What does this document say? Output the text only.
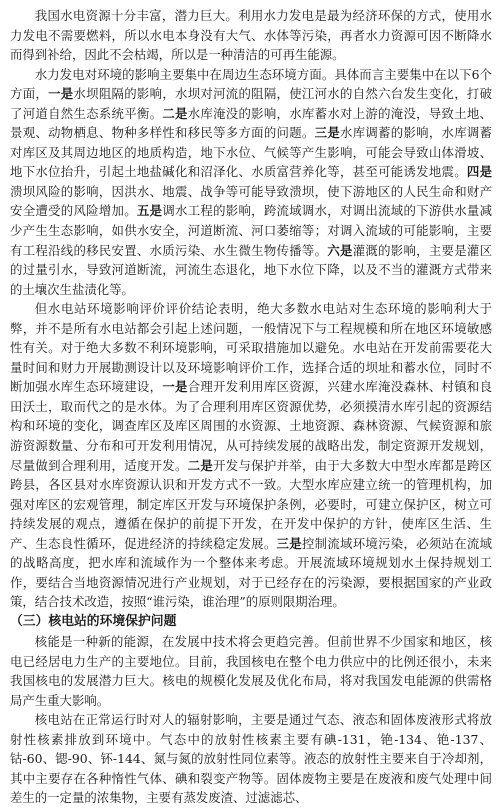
我国水电资源十分丰富，潜力巨大。利用水力发电是最为经济环保的方式，使用水力发电不需要燃料，所以水电本身没有大气、水体等污染，再者水力资源可因不断降水而得到补给，因此不会枯竭，所以是一种清洁的可再生能源。

水力发电对环境的影响主要集中在周边生态环境方面。具体而言主要集中在以下6个方面，一是水坝阻隔的影响，水坝对河流的阻隔，使江河水的自然六台发生变化，打破了河道自然生态系统平衡。二是水库淹没的影响，水库蓄水对上游的淹没，导致土地、景观、动物栖息、物种多样性和移民等多方面的问题。三是水库调蓄的影响，水库调蓄对库区及其周边地区的地质构造，地下水位、气候等产生影响，可能会导致山体滑坡、地下水位抬升，引起土地盐碱化和沼泽化、水质富营养化等，甚至可能诱发地震。四是溃坝风险的影响，因洪水、地震、战争等可能导致溃坝，使下游地区的人民生命和财产安全遭受的风险增加。五是调水工程的影响，跨流域调水，对调出流域的下游供水量减少产生生态影响，如供水安全，河道断流、河口萎缩等；对调入流域的可能影响，主要有工程沿线的移民安置、水质污染、水生微生物传播等。六是灌溉的影响，主要是灌区的过量引水，导致河道断流，河流生态退化，地下水位下降，以及不当的灌溉方式带来的土壤次生盐渍化等。

但水电站环境影响评价评价结论表明，绝大多数水电站对生态环境的影响利大于弊，并不是所有水电站都会引起上述问题，一般情况下与工程规模和所在地区环境敏感性有关。对于绝大多数不利环境影响，可采取措施加以避免。水电站在开发前需要花大量时间和财力开展勘测设计以及环境影响评价工作，选择合适的坝址和蓄水位，同时不断加强水库生态环境建设，一是合理开发利用库区资源，兴建水库淹没森林、村镇和良田沃土，取而代之的是水体。为了合理利用库区资源优势，必须摸清水库引起的资源结构和环境的变化，调查库区及库区周围的水资源、土地资源、森林资源、气候资源和旅游资源数量、分布和可开发利用情况，从可持续发展的战略出发，制定资源开发规划，尽量做到合理利用，适度开发。二是开发与保护并举，由于大多数大中型水库都是跨区跨县，各区县对水库资源认识和开发方式不一致。大型水库应建立统一的管理机构，加强对库区的宏观管理，制定库区开发与环境保护条例，必要时，可建立保护区，树立可持续发展的观点，遵循在保护的前提下开发，在开发中保护的方针，使库区生活、生产、生态良性循环，促进经济的持续稳定发展。三是控制流域环境污染，必须站在流域的战略高度，把水库和流域作为一个整体来考虑。开展流域环境规划水土保持规划工作，要结合当地资源情况进行产业规划，对于已经存在的污染源，要根据国家的产业政策，结合技术改造，按照“谁污染，谁治理”的原则限期治理。

（三）核电站的环境保护问题

核能是一种新的能源，在发展中技术将会更趋完善。但前世界不少国家和地区，核电已经居电力生产的主要地位。目前，我国核电在整个电力供应中的比例还很小，未来我国核电的发展潜力巨大。核电的规模化发展及优化布局，将对我国发电能源的供需格局产生重大影响。

核电站在正常运行时对人的辐射影响，主要是通过气态、液态和固体废液形式将放射性核素排放到环境中。气态中的放射性核素主要有碘-131，铯-134、铯-137、钴-60、锶-90、钚-144、氮与氮的放射性同位素等。液态的放射性主要来自于冷却剂，其中主要存在各种惰性气体、碘和裂变产物等。固体废物主要是在废液和废气处理中间差生的一定量的浓集物，主要有蒸发废渣、过滤滤芯、
